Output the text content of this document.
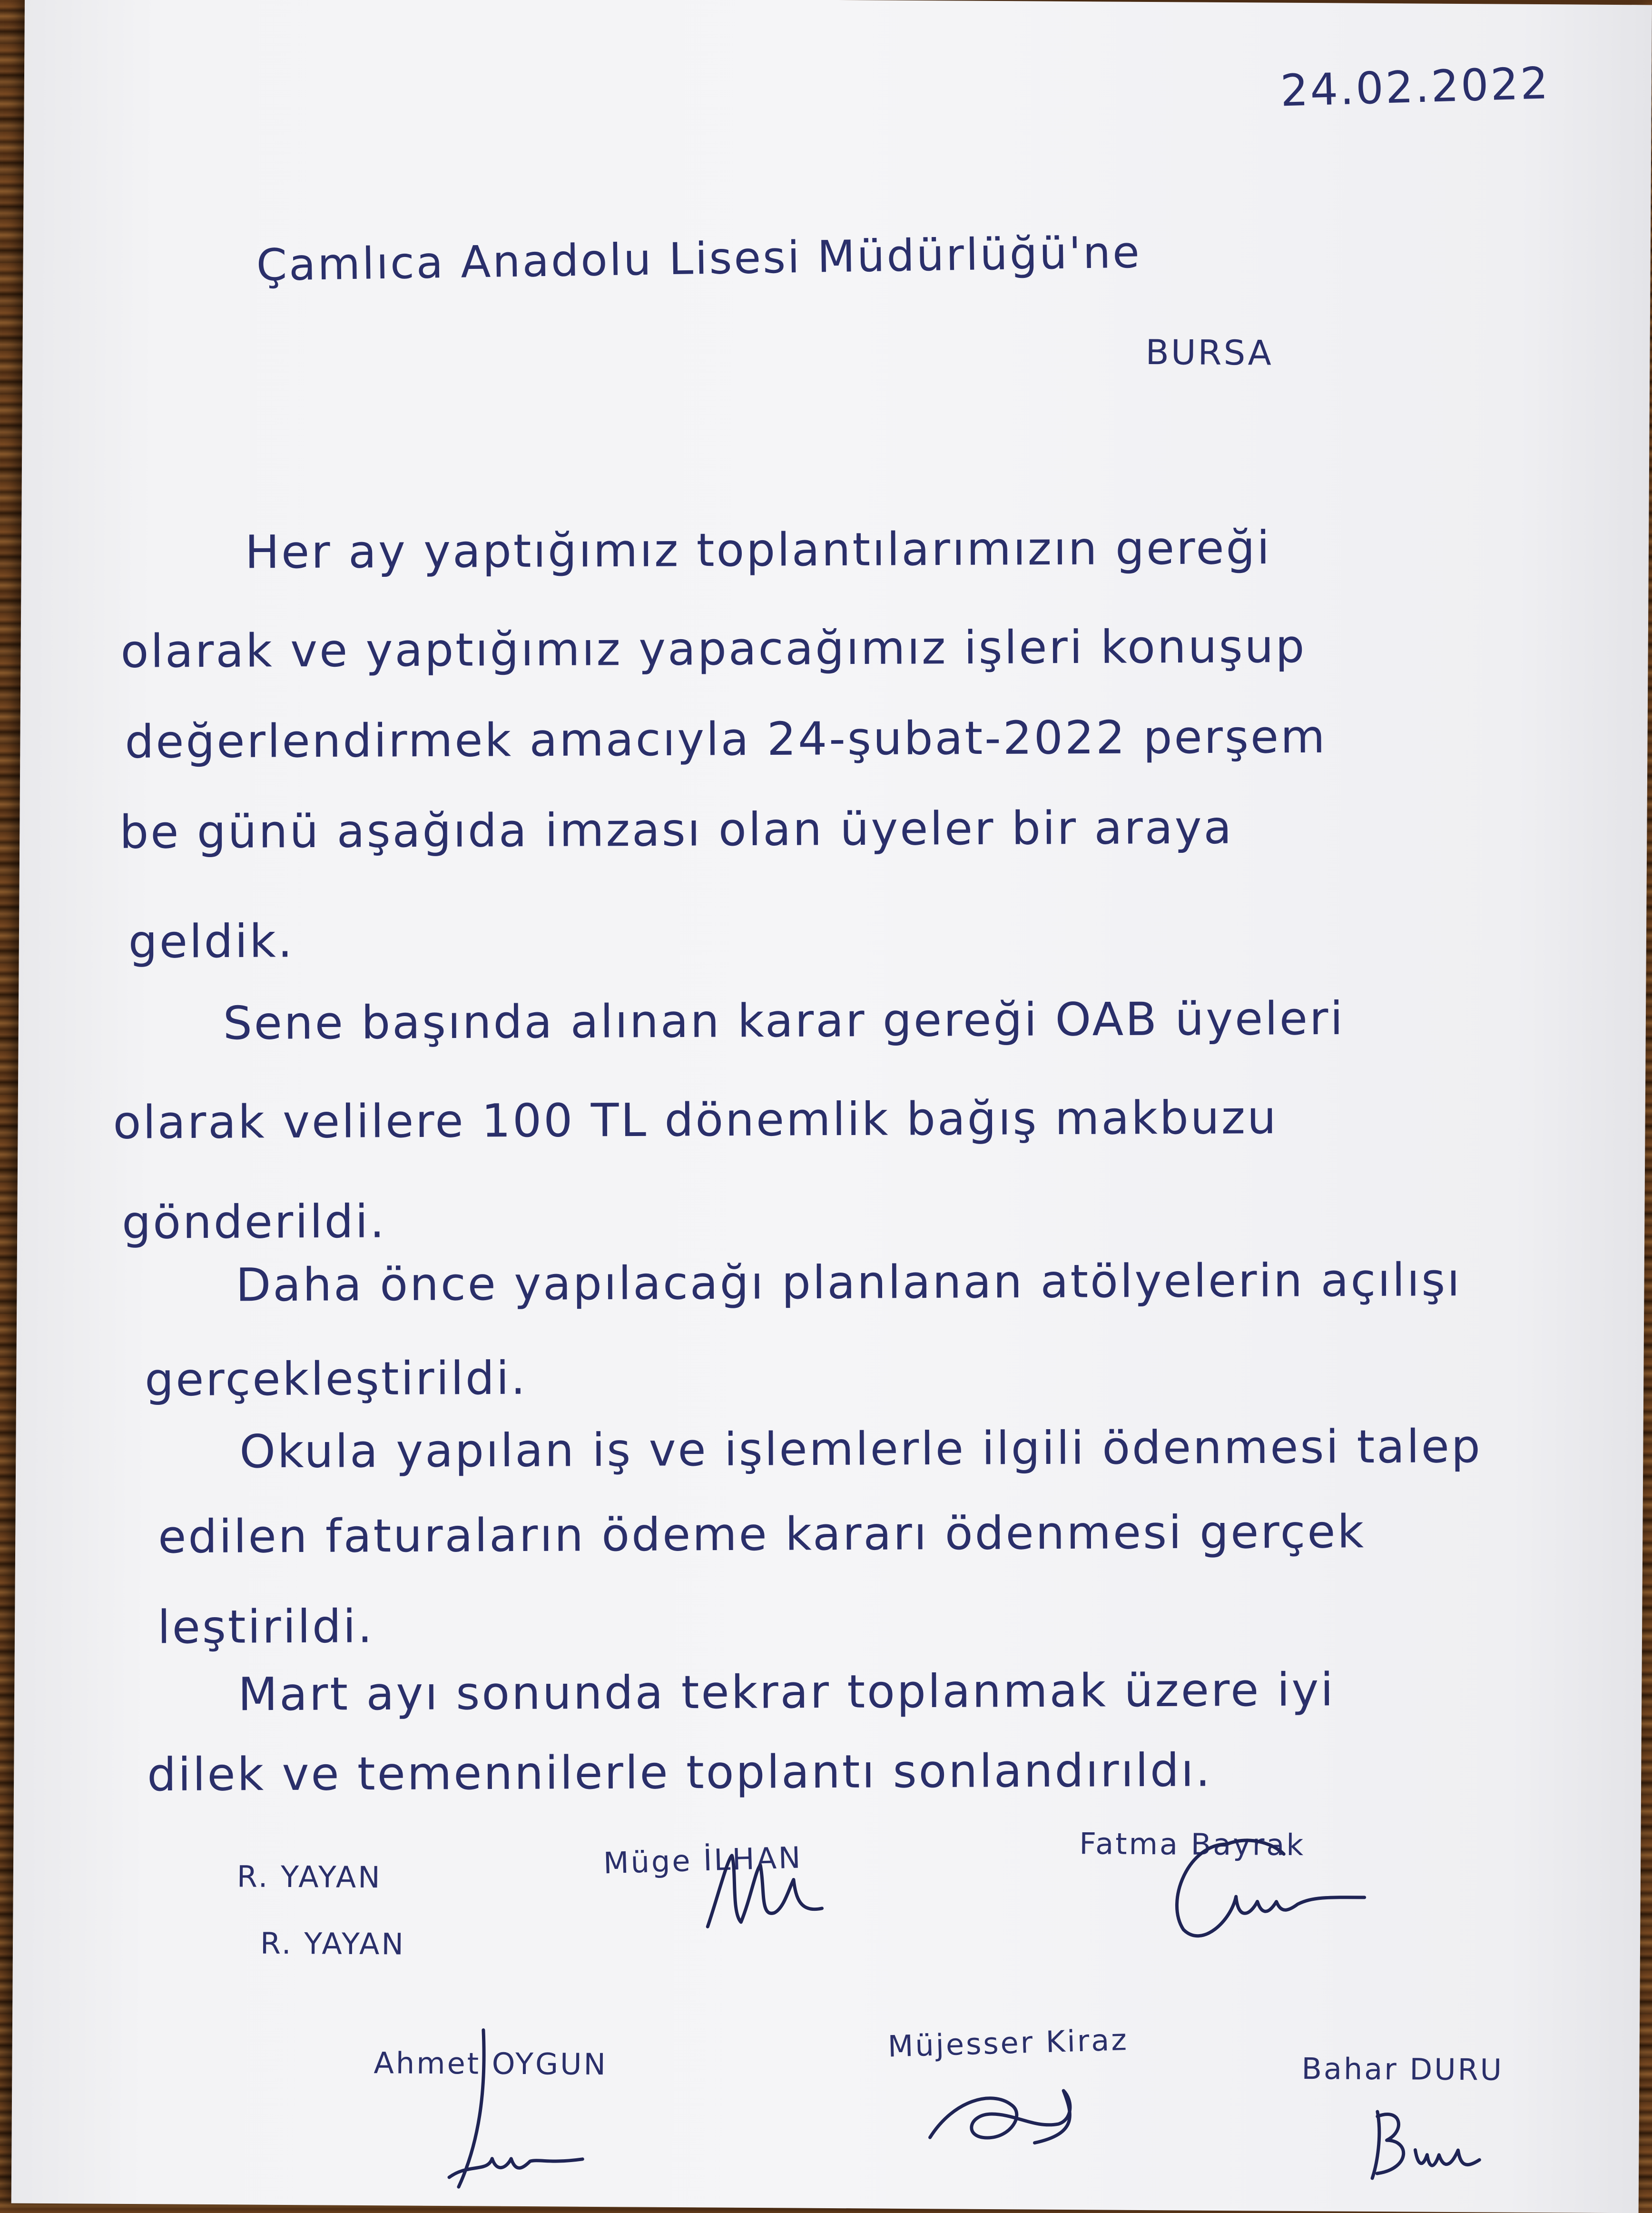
24.02.2022
Çamlıca Anadolu Lisesi Müdürlüğü'ne
BURSA
Her ay yaptığımız toplantılarımızın gereği
olarak ve yaptığımız yapacağımız işleri konuşup
değerlendirmek amacıyla 24-şubat-2022 perşem
be günü aşağıda imzası olan üyeler bir araya
geldik.
Sene başında alınan karar gereği OAB üyeleri
olarak velilere 100 TL dönemlik bağış makbuzu
gönderildi.
Daha önce yapılacağı planlanan atölyelerin açılışı
gerçekleştirildi.
Okula yapılan iş ve işlemlerle ilgili ödenmesi talep
edilen faturaların ödeme kararı ödenmesi gerçek
leştirildi.
Mart ayı sonunda tekrar toplanmak üzere iyi
dilek ve temennilerle toplantı sonlandırıldı.
R. YAYAN
R. YAYAN
Müge İLHAN	Fatma Bayrak
Ahmet OYGUN	Müjesser Kiraz
Bahar DURU
